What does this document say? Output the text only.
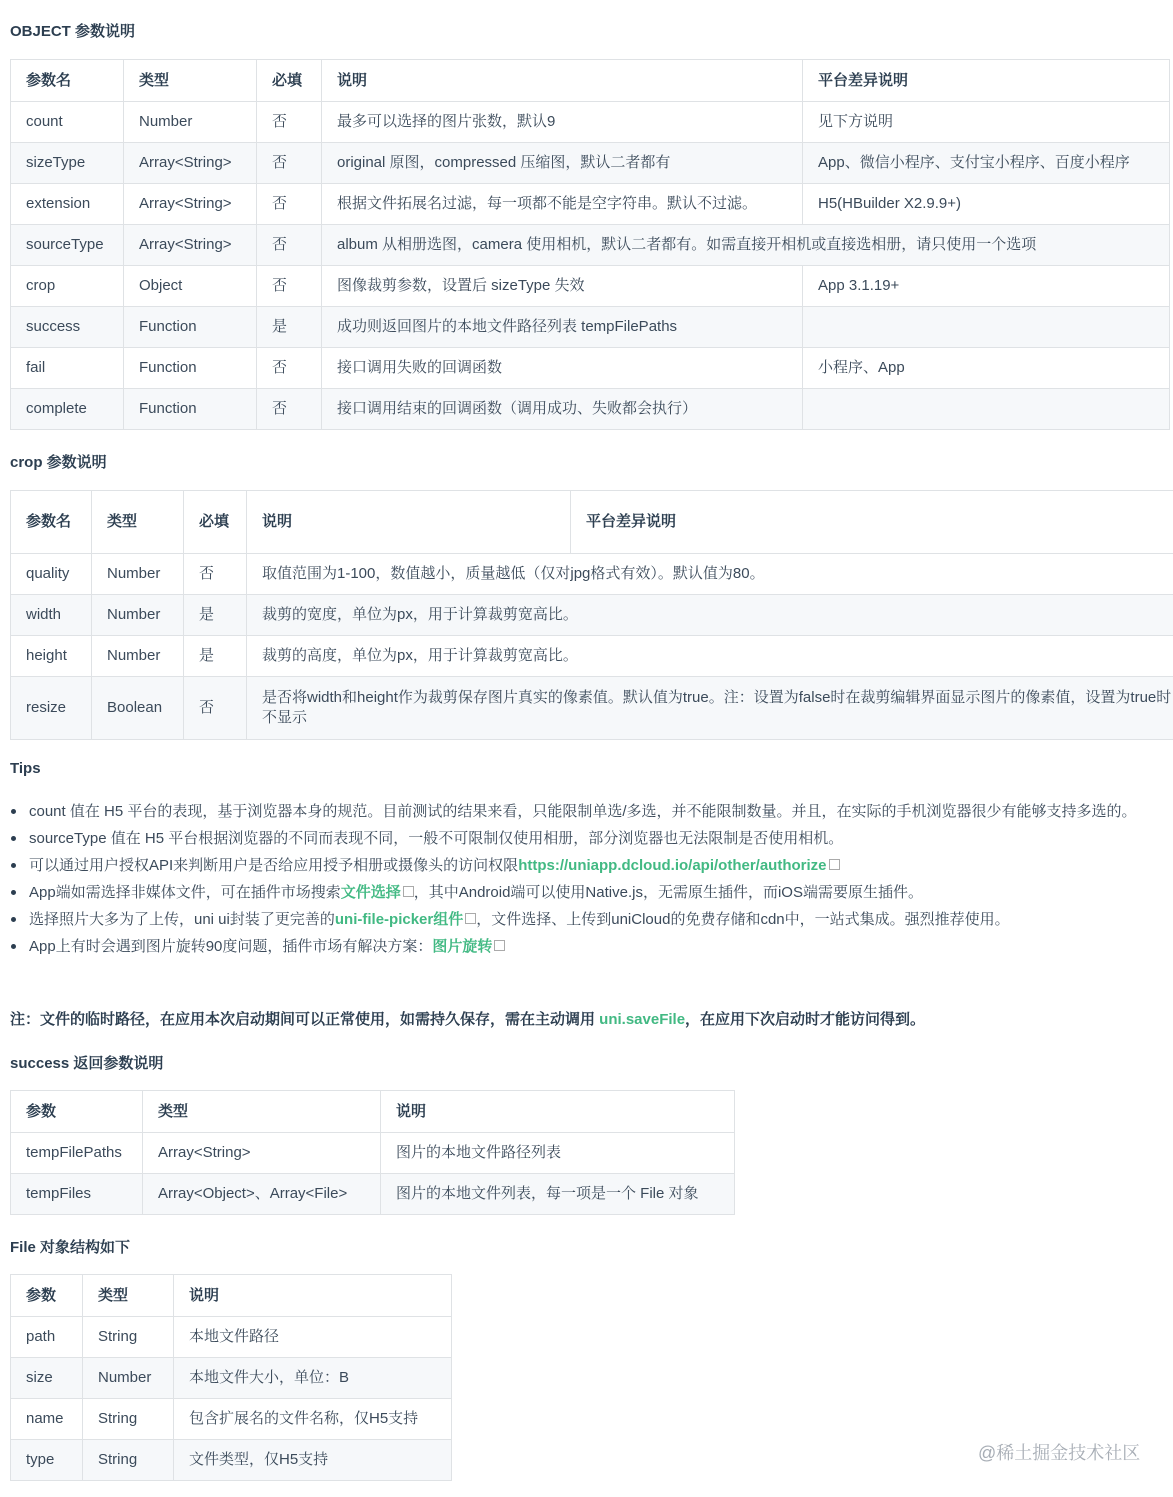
OBJECT 参数说明
参数名	类型	必填	说明	平台差异说明
count	Number	否	最多可以选择的图片张数，默认9	见下方说明
sizeType	Array<String>	否	original 原图，compressed 压缩图，默认二者都有	App、微信小程序、支付宝小程序、百度小程序
extension	Array<String>	否	根据文件拓展名过滤，每一项都不能是空字符串。默认不过滤。	H5(HBuilder X2.9.9+)
sourceType	Array<String>	否	album 从相册选图，camera 使用相机，默认二者都有。如需直接开相机或直接选相册，请只使用一个选项	
crop	Object	否	图像裁剪参数，设置后 sizeType 失效	App 3.1.19+
success	Function	是	成功则返回图片的本地文件路径列表 tempFilePaths	
fail	Function	否	接口调用失败的回调函数	小程序、App
complete	Function	否	接口调用结束的回调函数（调用成功、失败都会执行）	
crop 参数说明
参数名	类型	必填	说明	平台差异说明
quality	Number	否	取值范围为1-100，数值越小，质量越低（仅对jpg格式有效）。默认值为80。	
width	Number	是	裁剪的宽度，单位为px，用于计算裁剪宽高比。	
height	Number	是	裁剪的高度，单位为px，用于计算裁剪宽高比。	
resize	Boolean	否	是否将width和height作为裁剪保存图片真实的像素值。默认值为true。注：设置为false时在裁剪编辑界面显示图片的像素值，设置为true时不显示	
Tips
count 值在 H5 平台的表现，基于浏览器本身的规范。目前测试的结果来看，只能限制单选/多选，并不能限制数量。并且，在实际的手机浏览器很少有能够支持多选的。
sourceType 值在 H5 平台根据浏览器的不同而表现不同，一般不可限制仅使用相册，部分浏览器也无法限制是否使用相机。
可以通过用户授权API来判断用户是否给应用授予相册或摄像头的访问权限https://uniapp.dcloud.io/api/other/authorize
App端如需选择非媒体文件，可在插件市场搜索文件选择 ，其中Android端可以使用Native.js，无需原生插件，而iOS端需要原生插件。
选择照片大多为了上传，uni ui封装了更完善的uni-file-picker组件 ，文件选择、上传到uniCloud的免费存储和cdn中，一站式集成。强烈推荐使用。
App上有时会遇到图片旋转90度问题，插件市场有解决方案：图片旋转
注：文件的临时路径，在应用本次启动期间可以正常使用，如需持久保存，需在主动调用 uni.saveFile，在应用下次启动时才能访问得到。
success 返回参数说明
参数	类型	说明
tempFilePaths	Array<String>	图片的本地文件路径列表
tempFiles	Array<Object>、Array<File>	图片的本地文件列表，每一项是一个 File 对象
File 对象结构如下
参数	类型	说明
path	String	本地文件路径
size	Number	本地文件大小，单位：B
name	String	包含扩展名的文件名称，仅H5支持
type	String	文件类型，仅H5支持	@稀土掘金技术社区
